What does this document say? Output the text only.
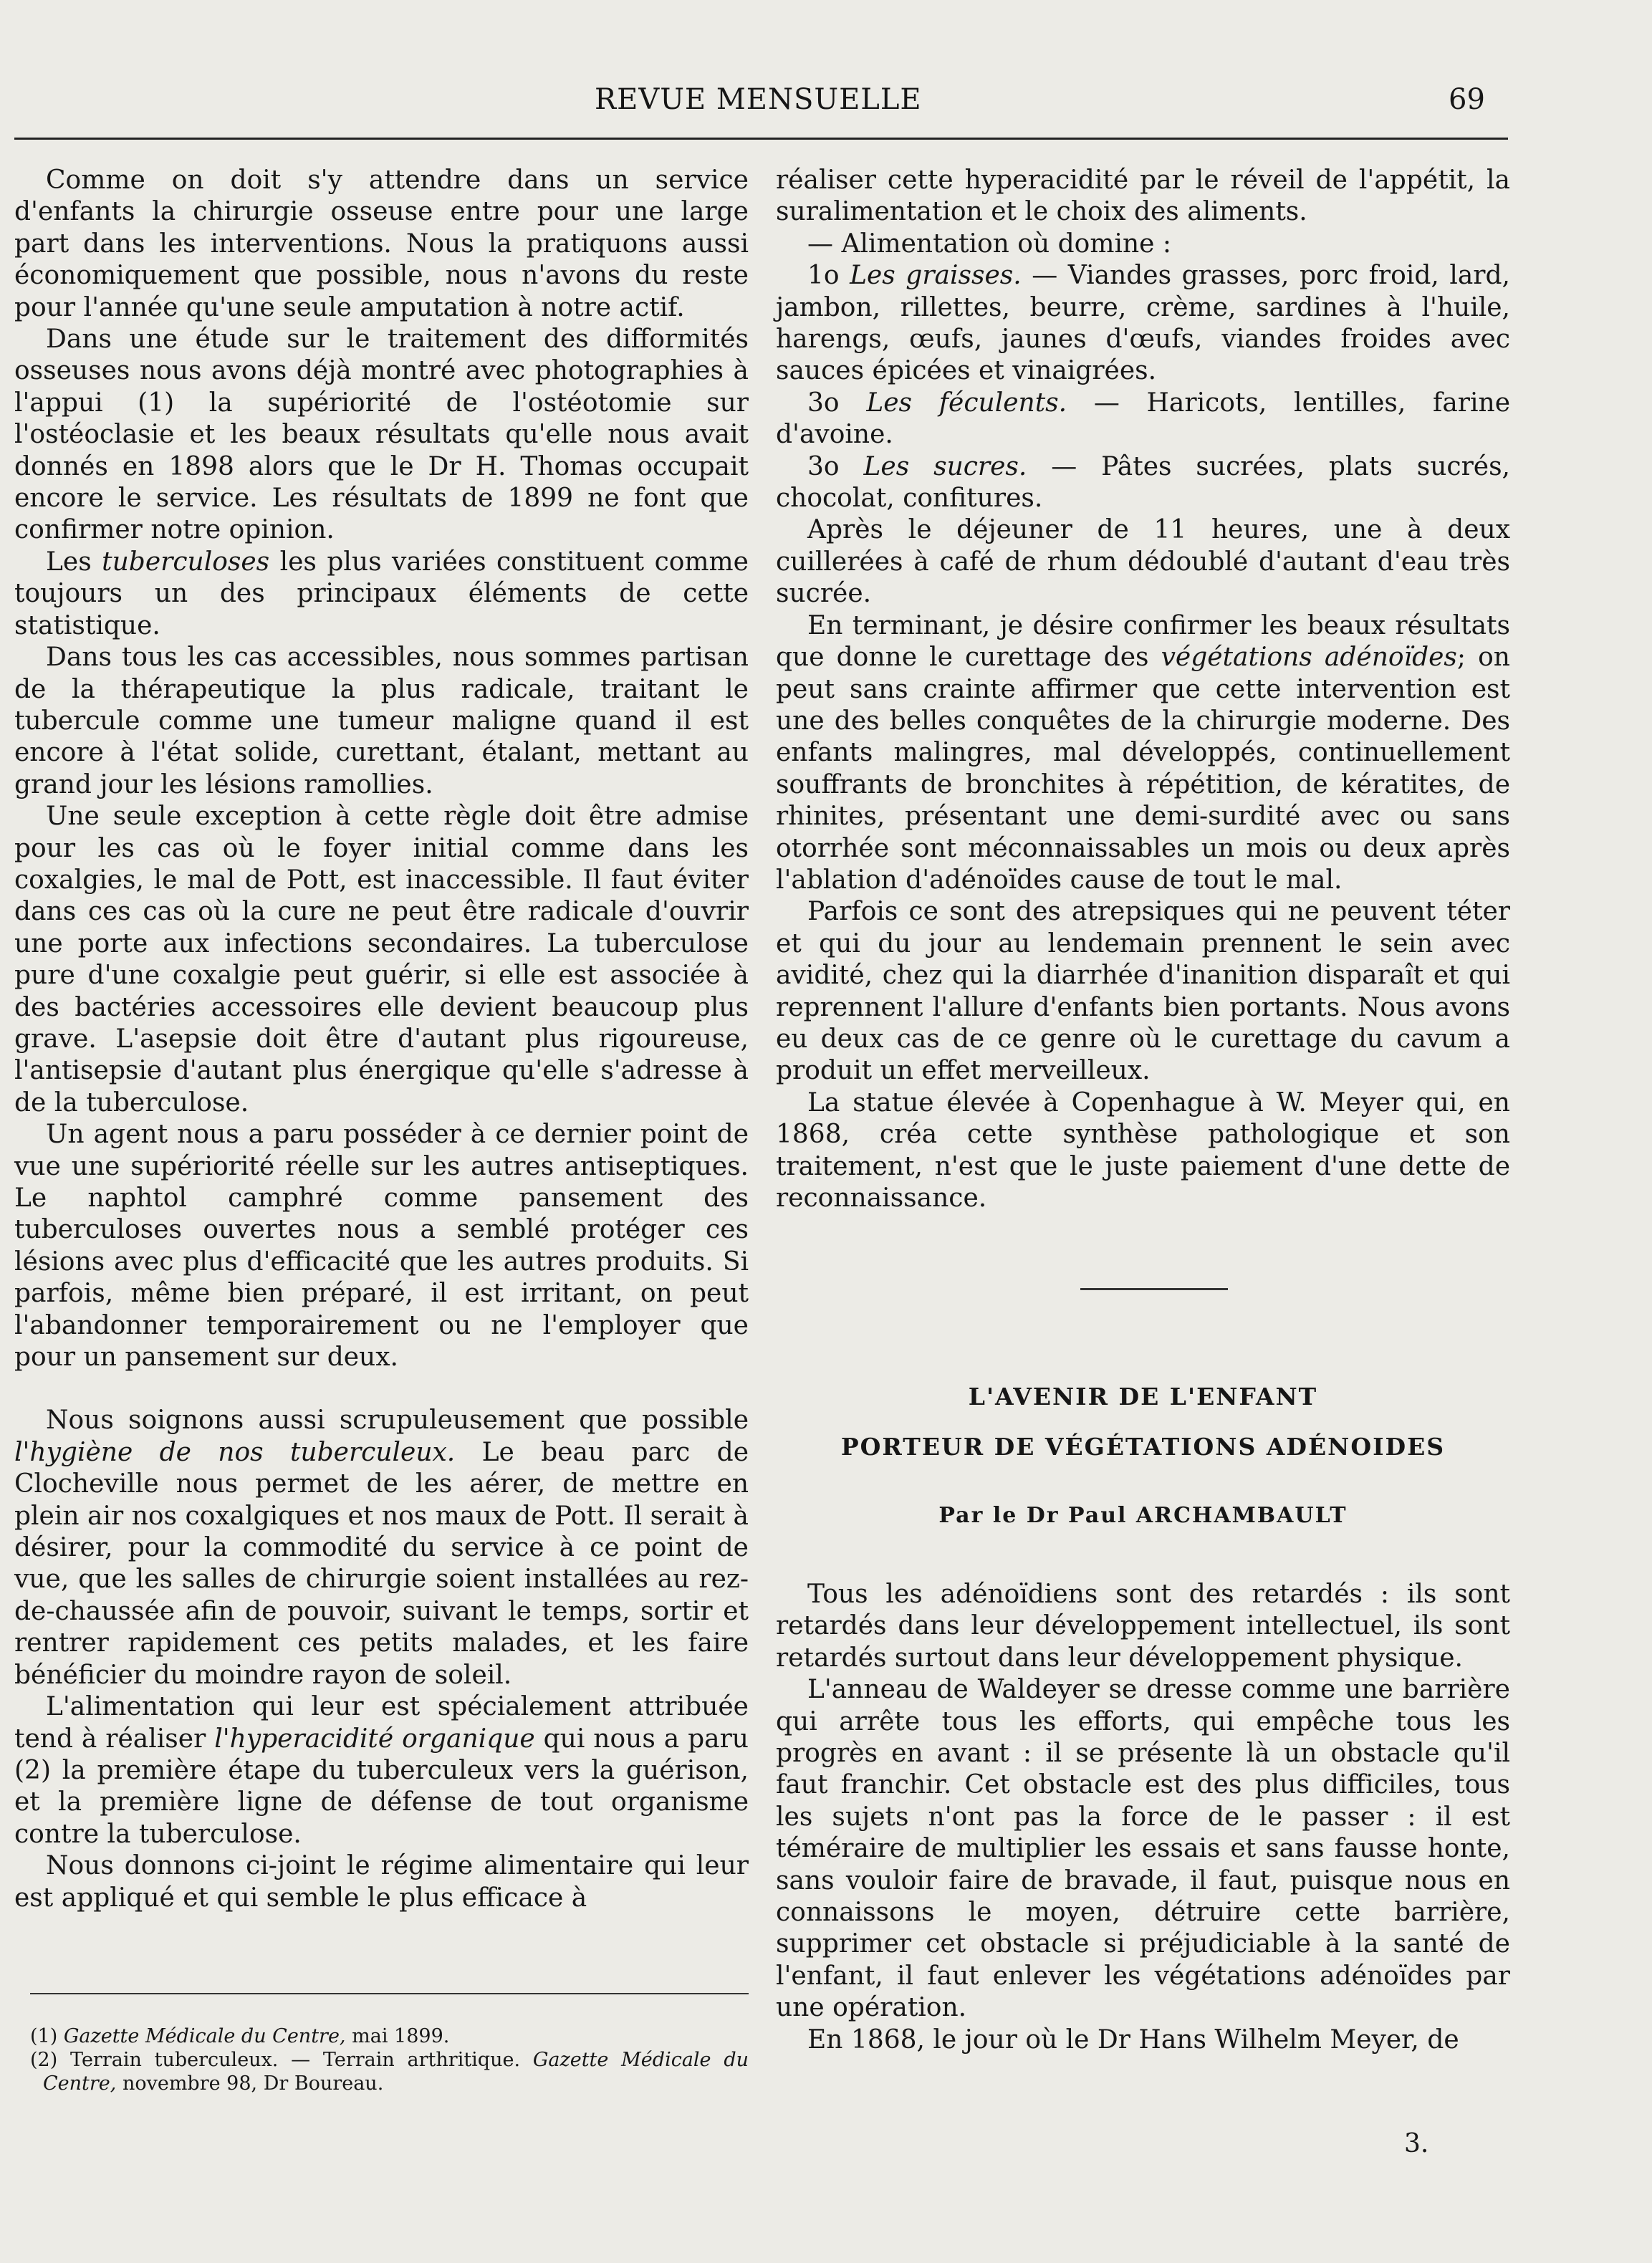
REVUE MENSUELLE	69

Comme on doit s'y attendre dans un service d'enfants la chirurgie osseuse entre pour une large part dans les interventions. Nous la pratiquons aussi économiquement que possible, nous n'avons du reste pour l'année qu'une seule amputation à notre actif.

Dans une étude sur le traitement des difformités osseuses nous avons déjà montré avec photographies à l'appui (1) la supériorité de l'ostéotomie sur l'ostéoclasie et les beaux résultats qu'elle nous avait donnés en 1898 alors que le Dr H. Thomas occupait encore le service. Les résultats de 1899 ne font que confirmer notre opinion.

Les tuberculoses les plus variées constituent comme toujours un des principaux éléments de cette statistique.

Dans tous les cas accessibles, nous sommes partisan de la thérapeutique la plus radicale, traitant le tubercule comme une tumeur maligne quand il est encore à l'état solide, curettant, étalant, mettant au grand jour les lésions ramollies.

Une seule exception à cette règle doit être admise pour les cas où le foyer initial comme dans les coxalgies, le mal de Pott, est inaccessible. Il faut éviter dans ces cas où la cure ne peut être radicale d'ouvrir une porte aux infections secondaires. La tuberculose pure d'une coxalgie peut guérir, si elle est associée à des bactéries accessoires elle devient beaucoup plus grave. L'asepsie doit être d'autant plus rigoureuse, l'antisepsie d'autant plus énergique qu'elle s'adresse à de la tuberculose.

Un agent nous a paru posséder à ce dernier point de vue une supériorité réelle sur les autres antiseptiques. Le naphtol camphré comme pansement des tuberculoses ouvertes nous a semblé protéger ces lésions avec plus d'efficacité que les autres produits. Si parfois, même bien préparé, il est irritant, on peut l'abandonner temporairement ou ne l'employer que pour un pansement sur deux.

Nous soignons aussi scrupuleusement que possible l'hygiène de nos tuberculeux. Le beau parc de Clocheville nous permet de les aérer, de mettre en plein air nos coxalgiques et nos maux de Pott. Il serait à désirer, pour la commodité du service à ce point de vue, que les salles de chirurgie soient installées au rez-de-chaussée afin de pouvoir, suivant le temps, sortir et rentrer rapidement ces petits malades, et les faire bénéficier du moindre rayon de soleil.

L'alimentation qui leur est spécialement attribuée tend à réaliser l'hyperacidité organique qui nous a paru (2) la première étape du tuberculeux vers la guérison, et la première ligne de défense de tout organisme contre la tuberculose.

Nous donnons ci-joint le régime alimentaire qui leur est appliqué et qui semble le plus efficace à

(1) Gazette Médicale du Centre, mai 1899.

(2) Terrain tuberculeux. — Terrain arthritique. Gazette Médicale du Centre, novembre 98, Dr Boureau.

réaliser cette hyperacidité par le réveil de l'appétit, la suralimentation et le choix des aliments.

— Alimentation où domine :

1o Les graisses. — Viandes grasses, porc froid, lard, jambon, rillettes, beurre, crème, sardines à l'huile, harengs, œufs, jaunes d'œufs, viandes froides avec sauces épicées et vinaigrées.

3o Les féculents. — Haricots, lentilles, farine d'avoine.

3o Les sucres. — Pâtes sucrées, plats sucrés, chocolat, confitures.

Après le déjeuner de 11 heures, une à deux cuillerées à café de rhum dédoublé d'autant d'eau très sucrée.

En terminant, je désire confirmer les beaux résultats que donne le curettage des végétations adénoïdes; on peut sans crainte affirmer que cette intervention est une des belles conquêtes de la chirurgie moderne. Des enfants malingres, mal développés, continuellement souffrants de bronchites à répétition, de kératites, de rhinites, présentant une demi-surdité avec ou sans otorrhée sont méconnaissables un mois ou deux après l'ablation d'adénoïdes cause de tout le mal.

Parfois ce sont des atrepsiques qui ne peuvent téter et qui du jour au lendemain prennent le sein avec avidité, chez qui la diarrhée d'inanition disparaît et qui reprennent l'allure d'enfants bien portants. Nous avons eu deux cas de ce genre où le curettage du cavum a produit un effet merveilleux.

La statue élevée à Copenhague à W. Meyer qui, en 1868, créa cette synthèse pathologique et son traitement, n'est que le juste paiement d'une dette de reconnaissance.

L'AVENIR DE L'ENFANT
PORTEUR DE VÉGÉTATIONS ADÉNOIDES
Par le Dr Paul ARCHAMBAULT

Tous les adénoïdiens sont des retardés : ils sont retardés dans leur développement intellectuel, ils sont retardés surtout dans leur développement physique.

L'anneau de Waldeyer se dresse comme une barrière qui arrête tous les efforts, qui empêche tous les progrès en avant : il se présente là un obstacle qu'il faut franchir. Cet obstacle est des plus difficiles, tous les sujets n'ont pas la force de le passer : il est téméraire de multiplier les essais et sans fausse honte, sans vouloir faire de bravade, il faut, puisque nous en connaissons le moyen, détruire cette barrière, supprimer cet obstacle si préjudiciable à la santé de l'enfant, il faut enlever les végétations adénoïdes par une opération.

En 1868, le jour où le Dr Hans Wilhelm Meyer, de

3.
